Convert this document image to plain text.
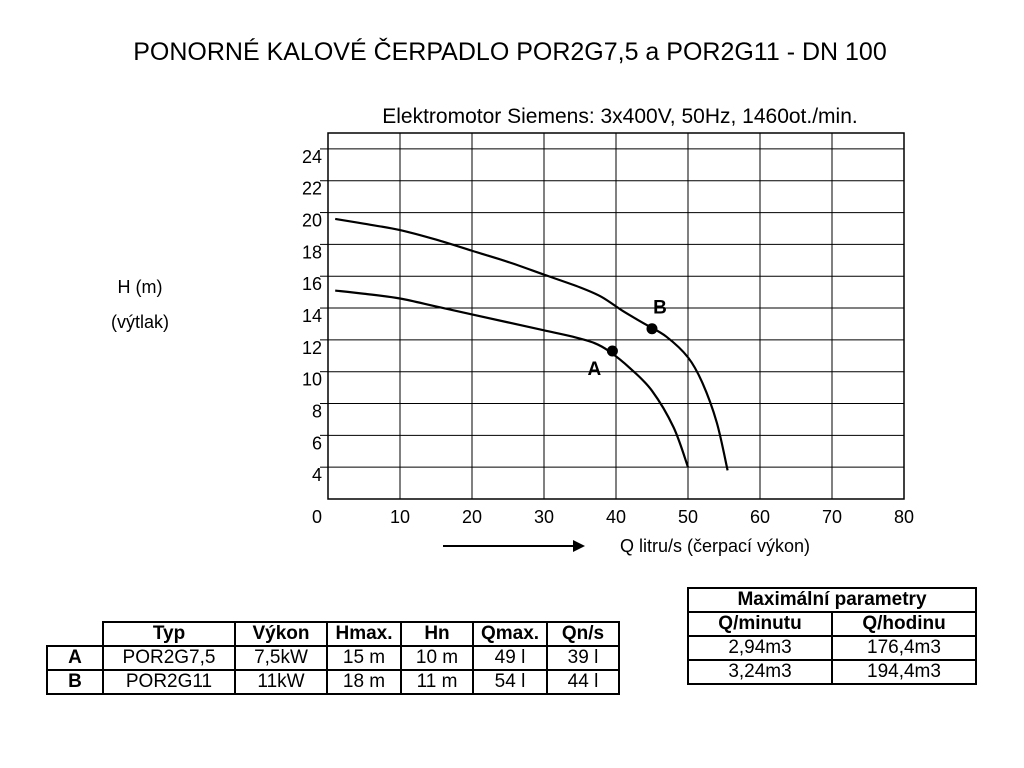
PONORNÉ KALOVÉ ČERPADLO POR2G7,5 a POR2G11 - DN 100
Elektromotor Siemens: 3x400V, 50Hz, 1460ot./min.
H (m)
(výtlak)
4
6
8
10
12
14
16
18
20
22
24
0	10	20	30	40	50	60	70	80
A
B
Q litru/s (čerpací výkon)
	Typ	Výkon	Hmax.	Hn	Qmax.	Qn/s
A	POR2G7,5	7,5kW	15 m	10 m	49 l	39 l
B	POR2G11	11kW	18 m	11 m	54 l	44 l
Maximální parametry	
Q/minutu	Q/hodinu
2,94m3	176,4m3
3,24m3	194,4m3
